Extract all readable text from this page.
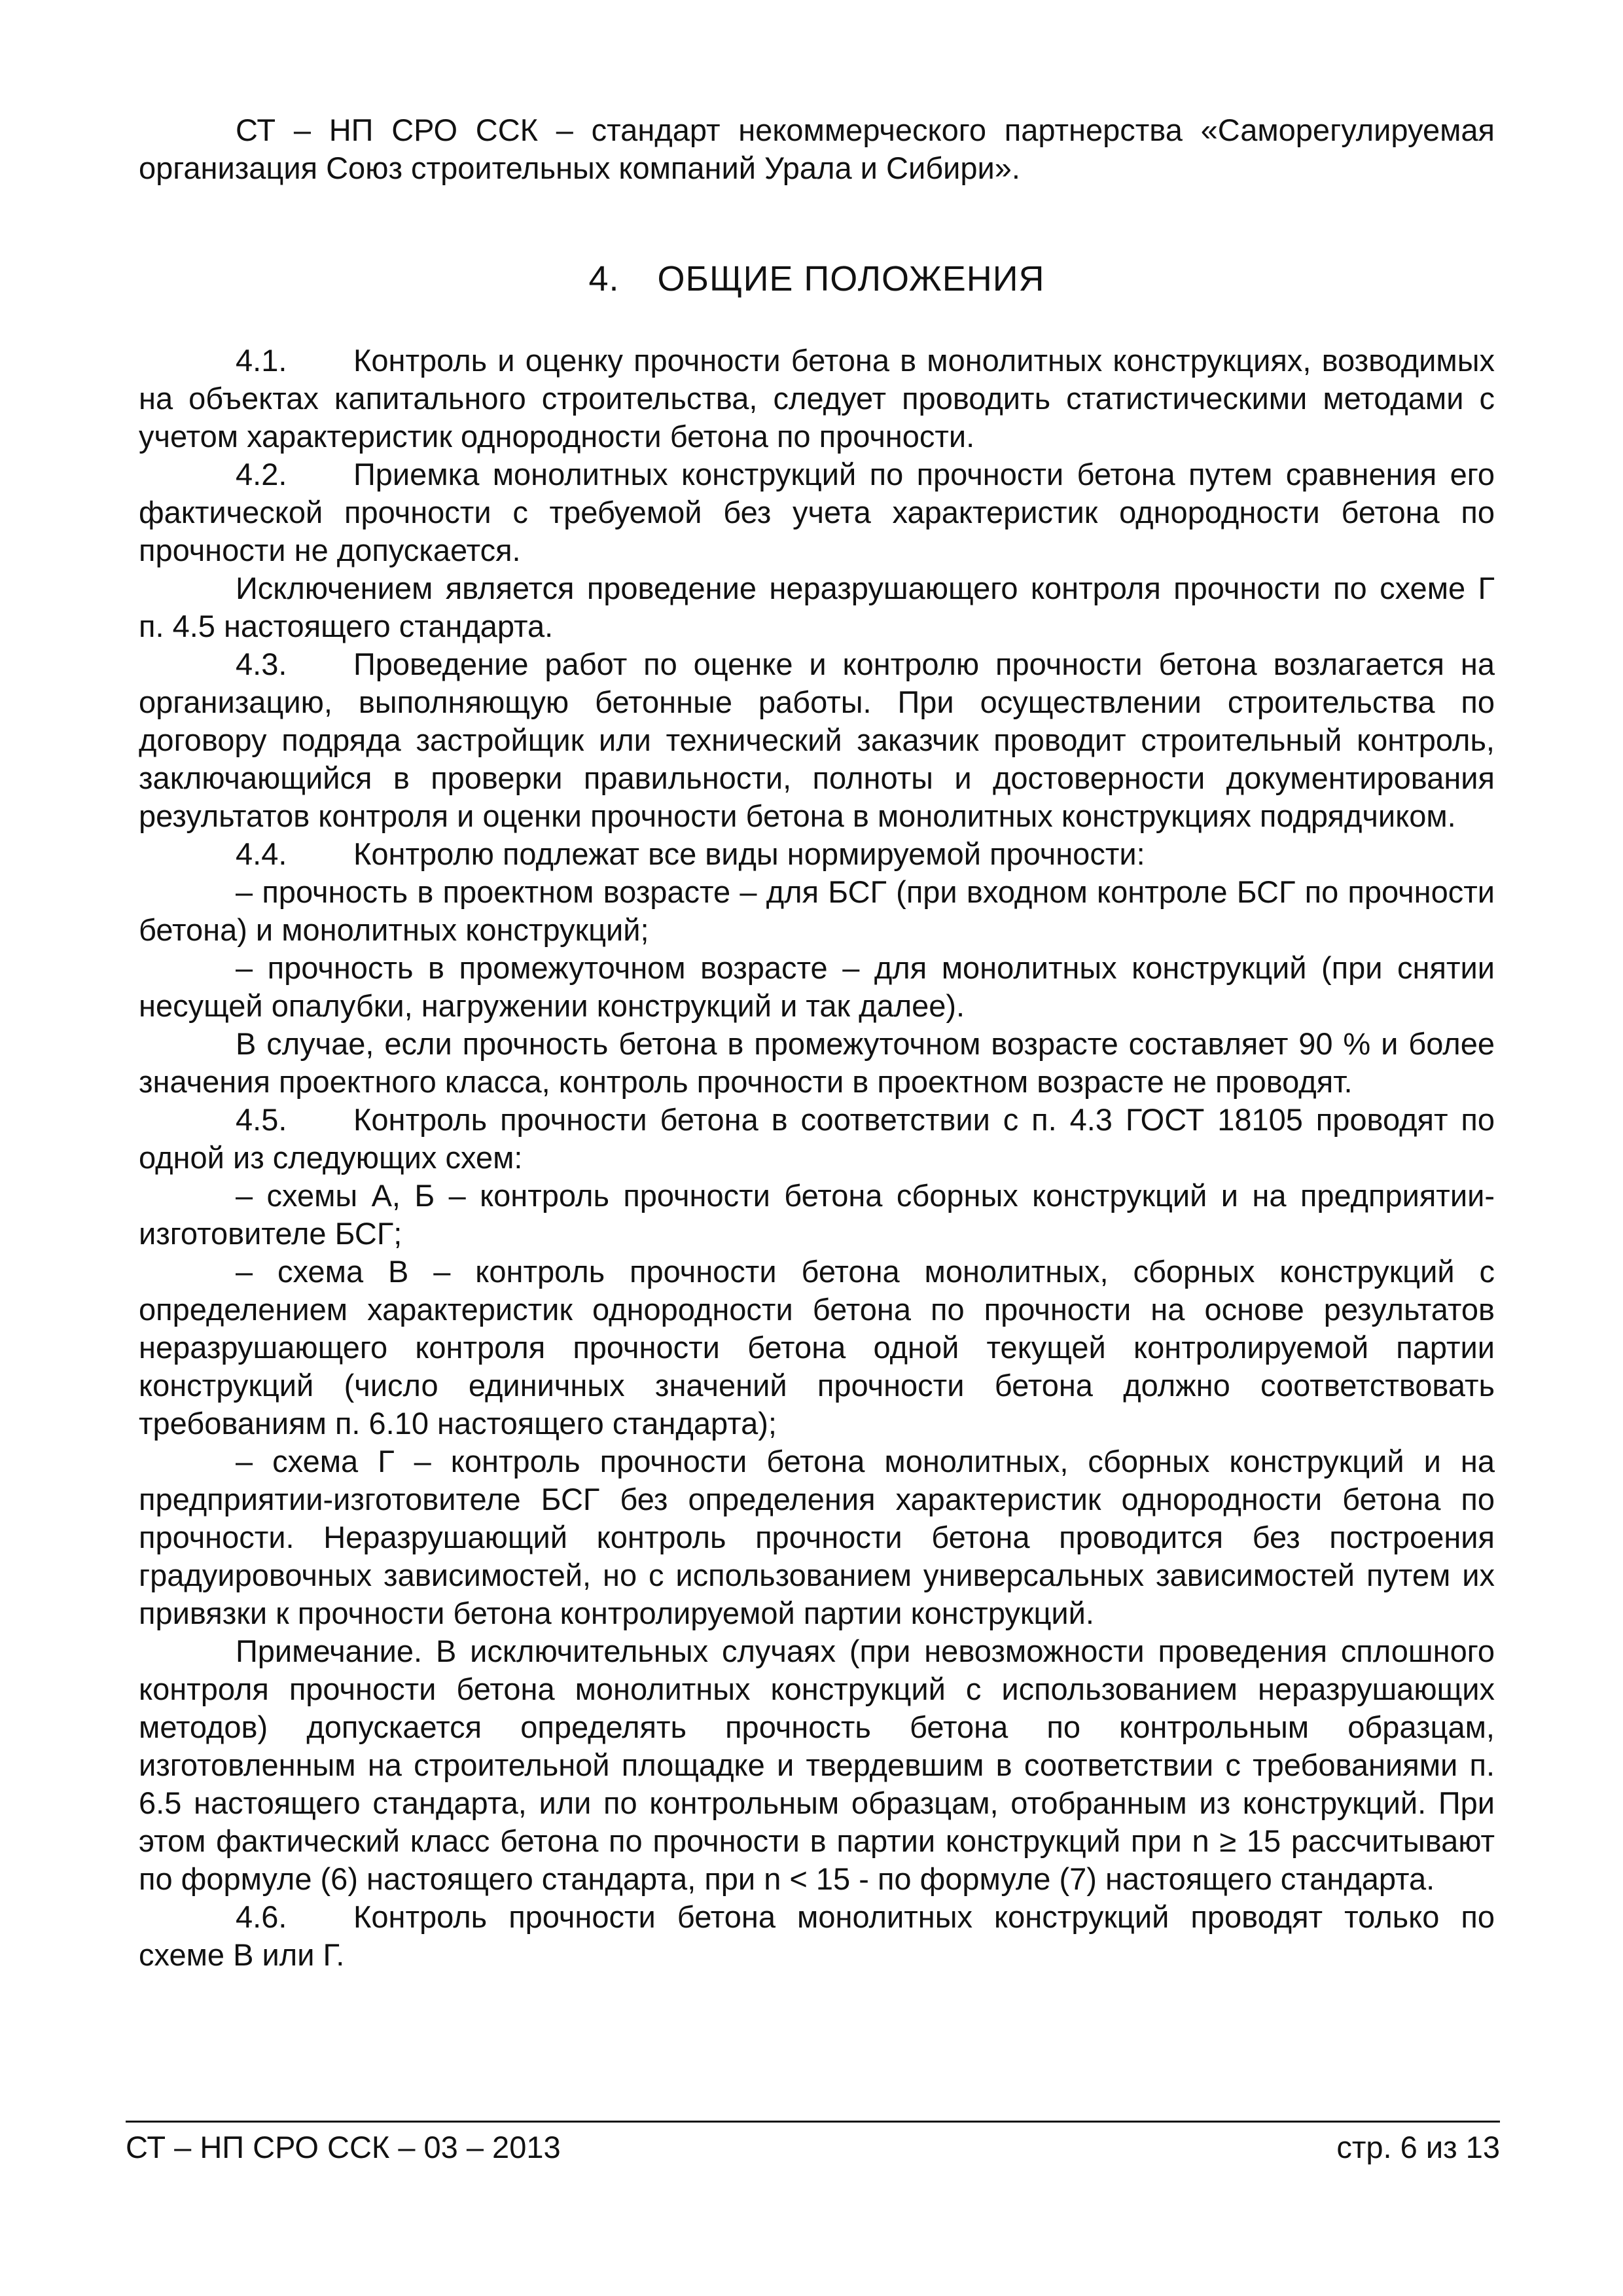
СТ – НП СРО ССК – стандарт некоммерческого партнерства «Саморегулируемая организация Союз строительных компаний Урала и Сибири».

4. ОБЩИЕ ПОЛОЖЕНИЯ

4.1. Контроль и оценку прочности бетона в монолитных конструкциях, возводимых на объектах капитального строительства, следует проводить статистическими методами с учетом характеристик однородности бетона по прочности.

4.2. Приемка монолитных конструкций по прочности бетона путем сравнения его фактической прочности с требуемой без учета характеристик однородности бетона по прочности не допускается.

Исключением является проведение неразрушающего контроля прочности по схеме Г п. 4.5 настоящего стандарта.

4.3. Проведение работ по оценке и контролю прочности бетона возлагается на организацию, выполняющую бетонные работы. При осуществлении строительства по договору подряда застройщик или технический заказчик проводит строительный контроль, заключающийся в проверки правильности, полноты и достоверности документирования результатов контроля и оценки прочности бетона в монолитных конструкциях подрядчиком.

4.4. Контролю подлежат все виды нормируемой прочности:

– прочность в проектном возрасте – для БСГ (при входном контроле БСГ по прочности бетона) и монолитных конструкций;

– прочность в промежуточном возрасте – для монолитных конструкций (при снятии несущей опалубки, нагружении конструкций и так далее).

В случае, если прочность бетона в промежуточном возрасте составляет 90 % и более значения проектного класса, контроль прочности в проектном возрасте не проводят.

4.5. Контроль прочности бетона в соответствии с п. 4.3 ГОСТ 18105 проводят по одной из следующих схем:

– схемы А, Б – контроль прочности бетона сборных конструкций и на предприятии-изготовителе БСГ;

– схема В – контроль прочности бетона монолитных, сборных конструкций с определением характеристик однородности бетона по прочности на основе результатов неразрушающего контроля прочности бетона одной текущей контролируемой партии конструкций (число единичных значений прочности бетона должно соответствовать требованиям п. 6.10 настоящего стандарта);

– схема Г – контроль прочности бетона монолитных, сборных конструкций и на предприятии-изготовителе БСГ без определения характеристик однородности бетона по прочности. Неразрушающий контроль прочности бетона проводится без построения градуировочных зависимостей, но с использованием универсальных зависимостей путем их привязки к прочности бетона контролируемой партии конструкций.

Примечание. В исключительных случаях (при невозможности проведения сплошного контроля прочности бетона монолитных конструкций с использованием неразрушающих методов) допускается определять прочность бетона по контрольным образцам, изготовленным на строительной площадке и твердевшим в соответствии с требованиями п. 6.5 настоящего стандарта, или по контрольным образцам, отобранным из конструкций. При этом фактический класс бетона по прочности в партии конструкций при n ≥ 15 рассчитывают по формуле (6) настоящего стандарта, при n < 15 - по формуле (7) настоящего стандарта.

4.6. Контроль прочности бетона монолитных конструкций проводят только по схеме В или Г.

СТ – НП СРО ССК – 03 – 2013	стр. 6 из 13
